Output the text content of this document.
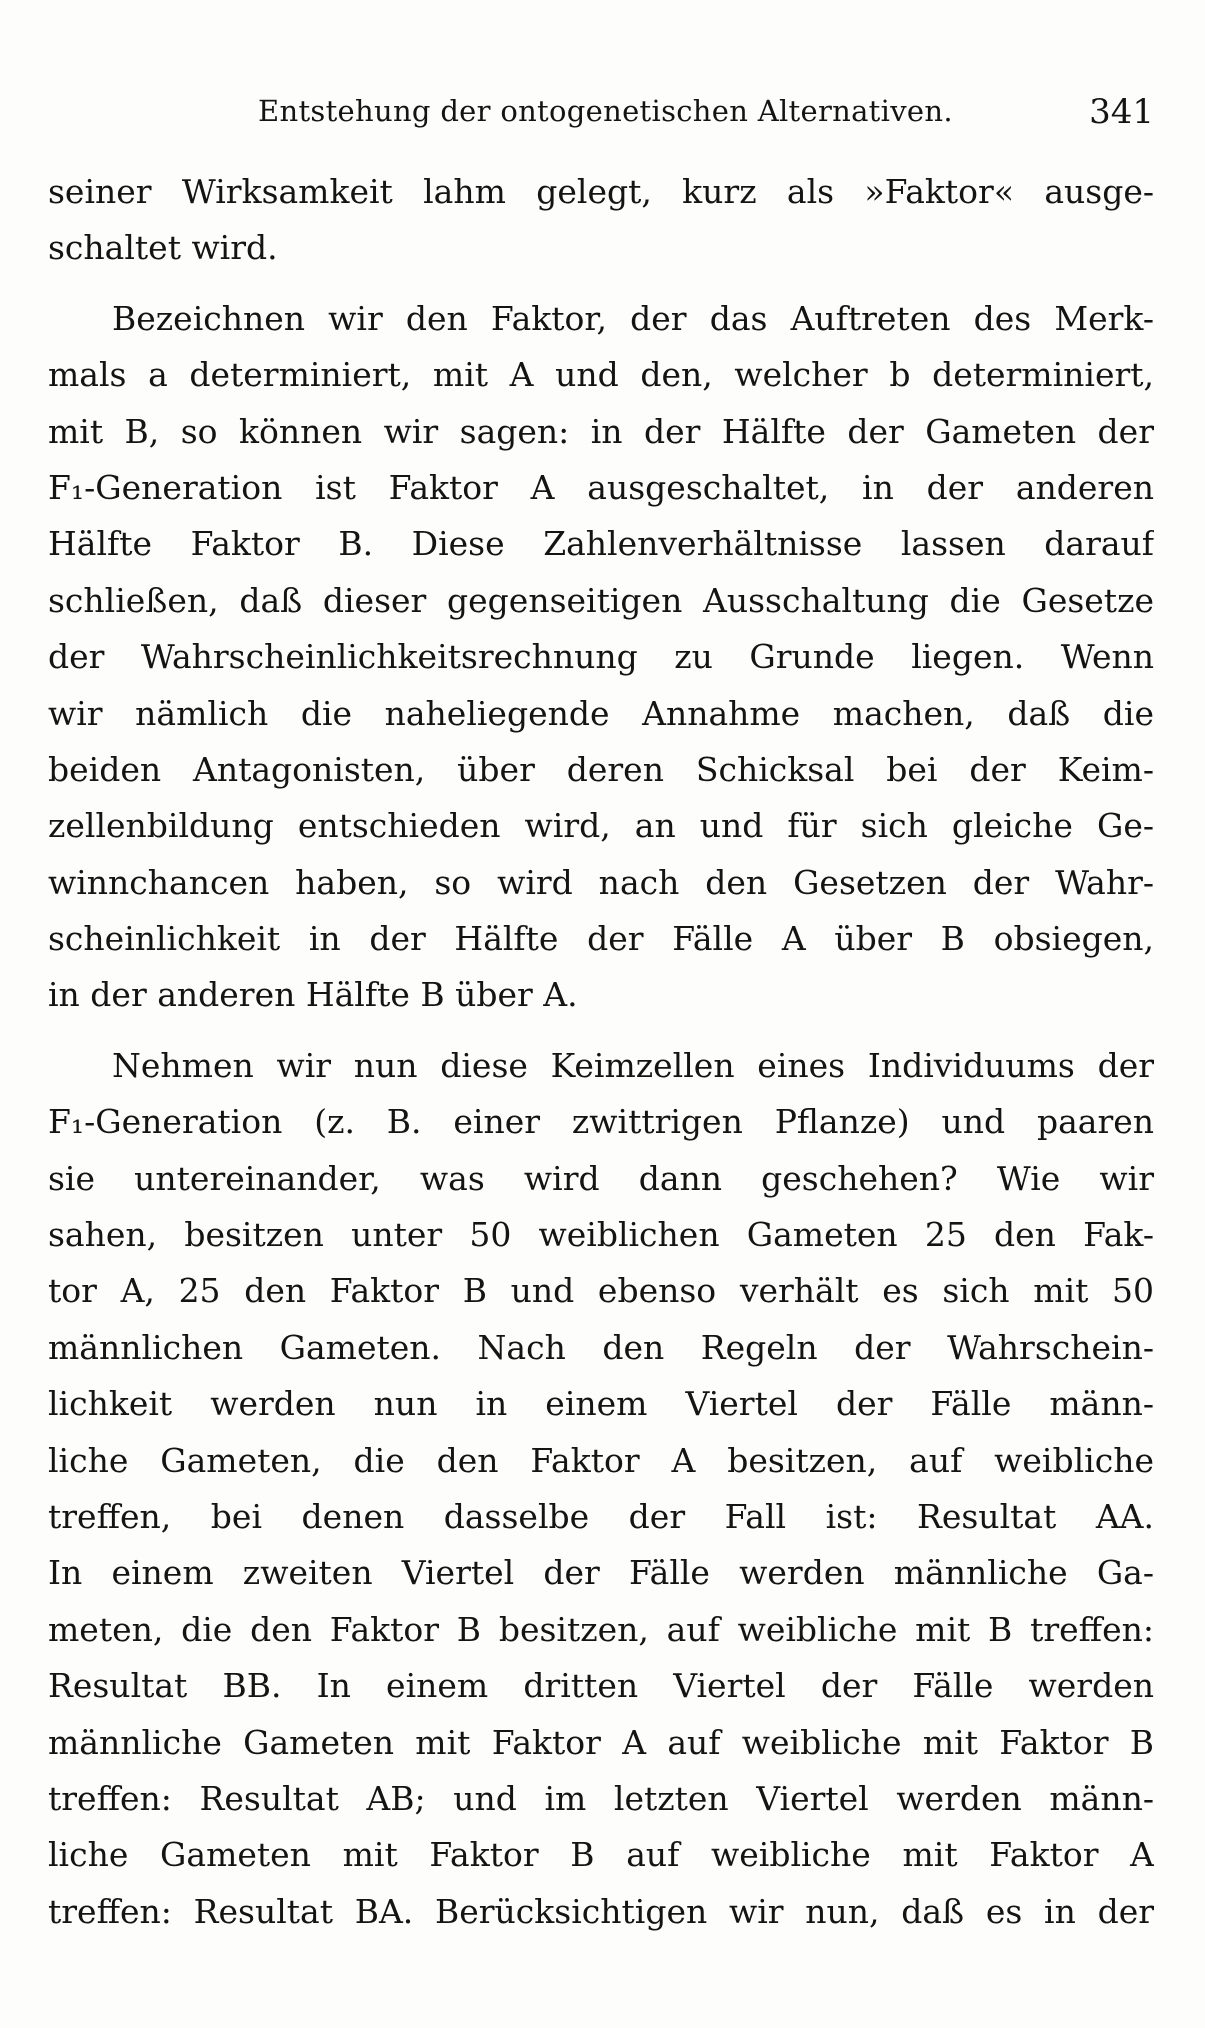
Entstehung der ontogenetischen Alternativen.	341
seiner Wirksamkeit lahm gelegt, kurz als »Faktor« ausge-
schaltet wird.
Bezeichnen wir den Faktor, der das Auftreten des Merk-
mals a determiniert, mit A und den, welcher b determiniert,
mit B, so können wir sagen: in der Hälfte der Gameten der
F₁-Generation ist Faktor A ausgeschaltet, in der anderen
Hälfte Faktor B. Diese Zahlenverhältnisse lassen darauf
schließen, daß dieser gegenseitigen Ausschaltung die Gesetze
der Wahrscheinlichkeitsrechnung zu Grunde liegen. Wenn
wir nämlich die naheliegende Annahme machen, daß die
beiden Antagonisten, über deren Schicksal bei der Keim-
zellenbildung entschieden wird, an und für sich gleiche Ge-
winnchancen haben, so wird nach den Gesetzen der Wahr-
scheinlichkeit in der Hälfte der Fälle A über B obsiegen,
in der anderen Hälfte B über A.
Nehmen wir nun diese Keimzellen eines Individuums der
F₁-Generation (z. B. einer zwittrigen Pflanze) und paaren
sie untereinander, was wird dann geschehen? Wie wir
sahen, besitzen unter 50 weiblichen Gameten 25 den Fak-
tor A, 25 den Faktor B und ebenso verhält es sich mit 50
männlichen Gameten. Nach den Regeln der Wahrschein-
lichkeit werden nun in einem Viertel der Fälle männ-
liche Gameten, die den Faktor A besitzen, auf weibliche
treffen, bei denen dasselbe der Fall ist: Resultat AA.
In einem zweiten Viertel der Fälle werden männliche Ga-
meten, die den Faktor B besitzen, auf weibliche mit B treffen:
Resultat BB. In einem dritten Viertel der Fälle werden
männliche Gameten mit Faktor A auf weibliche mit Faktor B
treffen: Resultat AB; und im letzten Viertel werden männ-
liche Gameten mit Faktor B auf weibliche mit Faktor A
treffen: Resultat BA. Berücksichtigen wir nun, daß es in der
